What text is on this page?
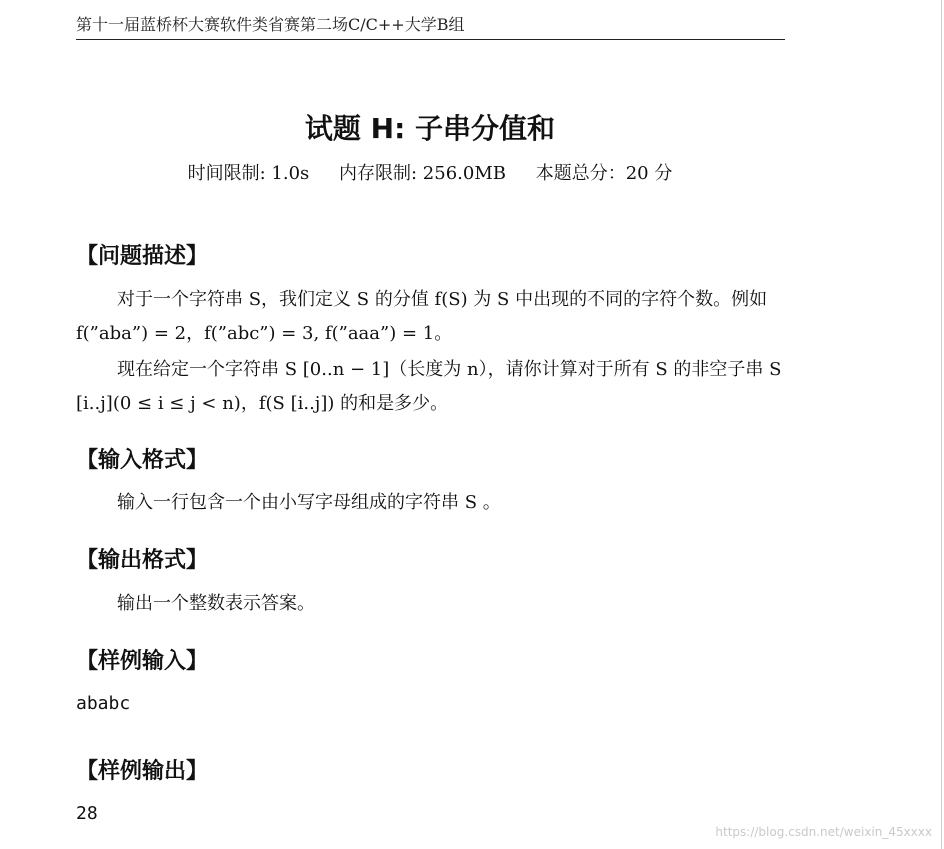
第十一届蓝桥杯大赛软件类省赛第二场C/C++大学B组
试题 H: 子串分值和
时间限制: 1.0s 内存限制: 256.0MB 本题总分：20 分
【问题描述】
对于一个字符串 S，我们定义 S 的分值 f(S) 为 S 中出现的不同的字符个数。例如 f(”aba”) = 2，f(”abc”) = 3, f(”aaa”) = 1。
现在给定一个字符串 S [0..n − 1]（长度为 n），请你计算对于所有 S 的非空子串 S [i..j](0 ≤ i ≤ j < n)，f(S [i..j]) 的和是多少。
【输入格式】
输入一行包含一个由小写字母组成的字符串 S 。
【输出格式】
输出一个整数表示答案。
【样例输入】
ababc
【样例输出】
28
https://blog.csdn.net/weixin_45xxxx
